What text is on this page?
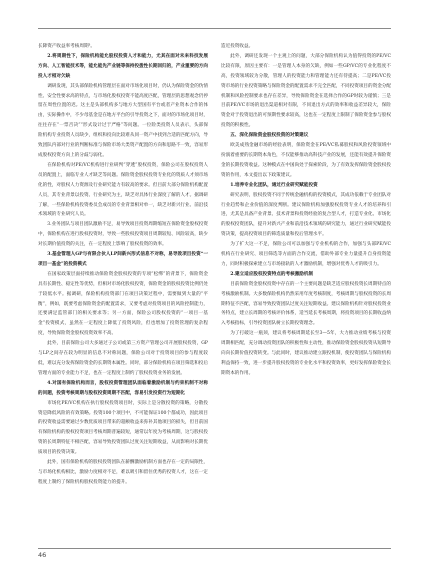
长降资产收益率考核周期³。

2.将周期性下，保险机构能允股权投资人才和能力，尤其在面对未来科技发展方向、人工智能技术等，能允能先产业链等保持投拨性长期回归的，产业重要的方向投人才相对欠缺

调研发现，其头部保险机构管理层在面对市场化项目时，仍认为保险资金的伪情性、安全性要求高的特点，与市场化股权投资不能高度匹配，管理层的思想观念仍停留在周性位置的迟。这主是头部机构多与地方大型国有平台或者产业资本合作的体由，实际操作中，不少母基金是在地方平台的引导投资之下，面对的市场化项目时，往往存在“一票否决”“形式设计过于严格”等问题。一位险类投资人员表示，头部保险机构专业投资人员缺少，组织和投向比较难从同一资产中找到合适的匹配方向，导致团队内部对行业的判断标准与保险市场大类资产配置的方向和思路不一致，容易形成股权投资方向上的分歧与弱化。

在保险机构对PE/VC机构进行业研判“穿透”股权投资，保险公司在股权投资人员的配置上，面临专业人才缺乏等问题。保险资金股权投资专业化的资质人才须市场化的性，对股权人力资源及行业研究能力有较高的要求。但目前大部分保险机构配置人员，其专业背景以投资、行业研究为主，缺乏对具体行业深度了解的人才。据调研了解，一些保险机构投资委员会成员的专业背景相对单一，缺乏对新兴行业、前沿技术领域的专业研究人员。

3.业务团队与项目团队激励不足，易导致项目投资周期缩短在保险资金股权投资中，保险机构在进行股权投资时，导致一些股权投资项目周期较短、风险较高，缺少对长期价值投资的关注，在一定程度上影响了股权投资的效率。

3.基金管理人GP与有限合伙人LP间新兴形式信息不对称，易导致项目投资“一项目一基金”的投资模式

在国家政策层面持续推动保险资金股权投资的专项“松绑”的背景下，保险资金具有长期性、稳定性等优势，但相对市场化股权投资，保险资金的股权投资比例仍处于较低水平。据调研，保险机构投资部门在项目决策过程中，需要做到大量的“平衡”，例如，既要考虑保险资金的配置需求，又要考虑对投资项目的风险控制能力，还要满足监管部门的相关要求等；另一方面，保险公司股权投资的“一项目一基金”投资模式，虽然在一定程度上降低了投资风险，但也增加了投资管理的复杂程度，导致保险资金股权投资效率不高。

此外，目前保险公司大多通过子公司或第三方资产管理公司开展股权投资，GP与LP之间存在较为明显的信息不对称问题，保险公司对于投资项目的参与程度较低，难以充分发挥保险资金的长期资本属性。同时，部分保险机构在项目筛选和投后管理方面的专业能力不足，也在一定程度上制约了股权投资业务的发展。

4.对国有保险机构而言，股权投资管理团队面临着激励机制与约束机制不对称的问题，投资考核周期与股权投资周期不匹配，容易引发投资行为短期化

市场化PE/VC机构在执行股权投资项目时，实际上是分散投资的策略，分散投资是降低风险的有效策略。投资100个项目中，不可能保证100个都成功，因此项目的投资收益需要通过少数优质项目带来的超额收益来弥补其他项目的损失，但目前国有保险机构的股权投资项目考核周期普遍较短，通常以年度为考核周期，这与股权投资的长周期特征不相匹配，容易导致投资团队过度关注短期收益，从而影响对长期优质项目的投资决策。

此外，国有保险机构的股权投资团队在薪酬激励机制方面也存在一定的局限性，与市场化机构相比，激励力度相对不足，难以吸引和留住优秀的投资人才，这在一定程度上制约了保险机构股权投资能力的提升。

造近投资收益。

此外，调研还发现一个主观上的问题，大部分保险机构认为值得投资的PE/VC比较有限，原因主要有：一是管理人本身的欠缺，例如一些GP/VC的专业化程度不高，投资领域较为分散，管理人的投资能力和管理能力还有待提高；二是PE/VC投资市场的行业投资策略与保险资金的配置需求不完全匹配，不同投资项目的资金分配机制和风险控制要求也存在差异，导致保险资金在选择合作的GP时较为谨慎；三是目前PE/VC市场的退出渠道相对有限，不同退出方式的效率和收益差异较大，保险资金对于投资退出的可预期性要求较高，这也在一定程度上限制了保险资金参与股权投资的积极性。

五、深化保险资金股权投资的对策建议

欧美成熟金融市场的经验表明，保险资金在PE/VC私募股权和风险投资领域中扮演着重要的长期资本角色，不仅能够推动高科技产业的发展，还能有效提升保险资金的长期投资收益。这种模式在中国尚处于探索阶段，为了有效发挥保险资金股权投资的作用，本文提出以下政策建议。

1.培养专业化团队，通过行业研究赋能投资

研究表明，股权投资不同于传统金融机构的投资模式，其成功依赖于专业团队对行业趋势和企业价值的深度判断。建议保险机构加强股权投资专业人才的培养和引进，尤其是具备产业背景、技术背景和投资经验的复合型人才，打造专业化、市场化的股权投资团队，提升对新兴产业和前沿技术领域的研究能力，通过行业研究赋能投资决策，提高投资项目的筛选质量和投后管理水平。

为了扩大这一不足，保险公司可以加强与专业机构的合作，加强与头部PE/VC机构在行业研究、项目筛选等方面的合作交流，借助外部专业力量提升自身投资能力，同时积极探索建立与市场接轨的人才激励机制，增强对优秀人才的吸引力。

2.建立适应股权投资特点的考核激励机制

目前保险资金股权投资中存在的一个主要问题是缺乏适应股权投资长周期特点的考核激励机制。大多数保险机构仍然采用年度考核制度，考核周期与股权投资的长周期特征不匹配，容易导致投资团队过度关注短期收益。建议保险机构针对股权投资业务特点，建立长周期的考核评价体系，适当延长考核周期，将投资项目的长期收益纳入考核指标，引导投资团队树立长期投资理念。

为了打破这一瓶颈，建议将考核周期延长至3—5年，大力推动业绩考核与投资周期相匹配，充分调动投资团队的积极性和主动性，推动保险资金股权投资从短期导向向长期价值投资转变。与此同时，建议推动建立跟投机制，使投资团队与保险机构利益保持一致，进一步提升股权投资的专业化水平和投资效率，更好发挥保险资金长期资本的作用。

46
